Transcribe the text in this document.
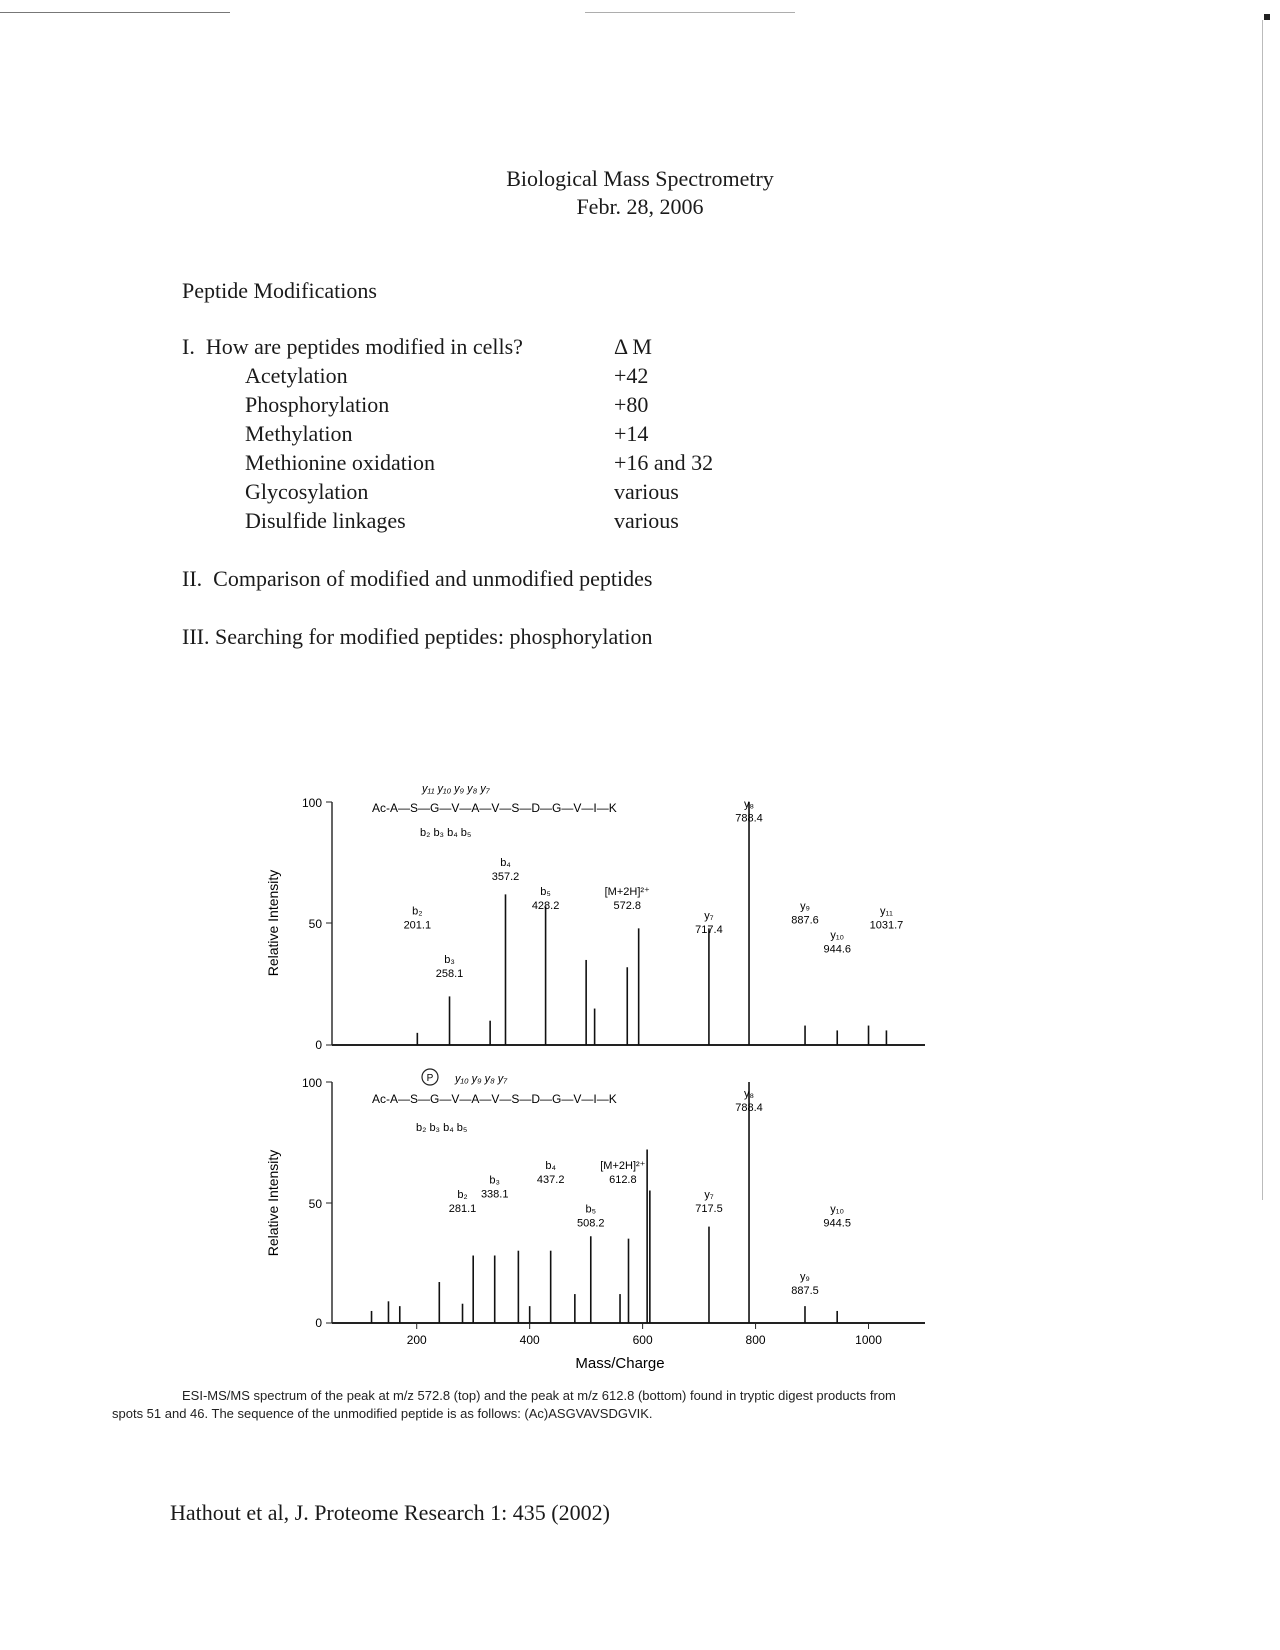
Biological Mass Spectrometry
Febr. 28, 2006
Peptide Modifications
I.  How are peptides modified in cells?	Δ M
Acetylation	+42
Phosphorylation	+80
Methylation	+14
Methionine oxidation	+16 and 32
Glycosylation	various
Disulfide linkages	various
II.  Comparison of modified and unmodified peptides
III. Searching for modified peptides: phosphorylation
100
50
0
Relative Intensity
Ac-A—S—G—V—A—V—S—D—G—V—I—K
y₁₁ y₁₀ y₉ y₈ y₇
b₂ b₃ b₄ b₅
b₂
201.1
b₃
258.1
b₄
357.2
b₅
428.2
[M+2H]²⁺
572.8
y₇
717.4
y₈
788.4
y₉
887.6
y₁₀
944.6
y₁₁
1031.7
100
50
0
Relative Intensity
Ac-A—S—G—V—A—V—S—D—G—V—I—K
P y₁₀ y₉ y₈ y₇
b₂ b₃ b₄ b₅
b₂
281.1
b₃
338.1
b₄
437.2
b₅
508.2
[M+2H]²⁺
612.8
y₇
717.5
y₈
788.4
y₉
887.5
y₁₀
944.5
200	400	600	800	1000
Mass/Charge
ESI-MS/MS spectrum of the peak at m/z 572.8 (top) and the peak at m/z 612.8 (bottom) found in tryptic digest products from
spots 51 and 46. The sequence of the unmodified peptide is as follows: (Ac)ASGVAVSDGVIK.
Hathout et al, J. Proteome Research 1: 435 (2002)
